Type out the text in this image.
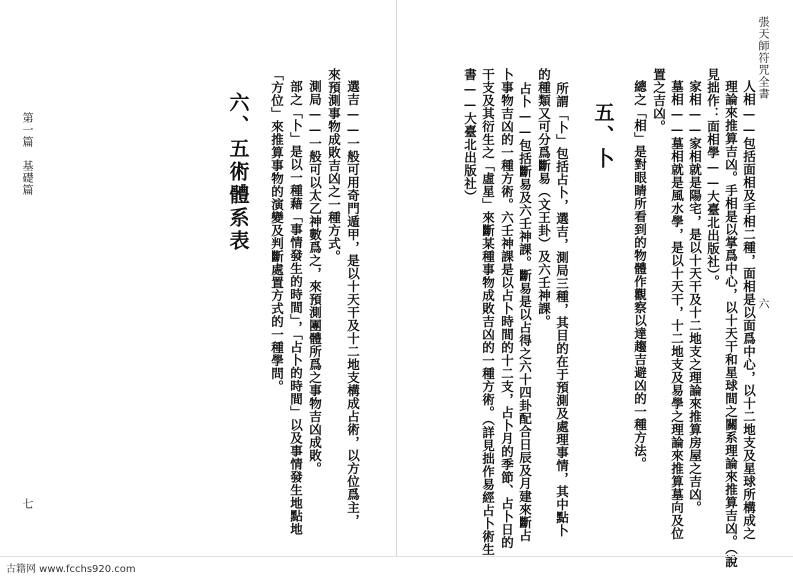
張天師符咒全書
六
人相——包括面相及手相二種，面相是以面爲中心，以十二地支及星球所構成之
理論來推算吉凶。手相是以掌爲中心，以十天干和星球間之關系理論來推算吉凶。（說
見拙作：面相學——大臺北出版社）。
家相——家相就是陽宅，是以十天干及十二地支之理論來推算房屋之吉凶。
墓相——墓相就是風水學，是以十天干，十二地支及易學之理論來推算墓向及位
置之吉凶。
總之「相」是對眼睛所看到的物體作觀察以達趨吉避凶的一種方法。
五、卜
所謂「卜」包括占卜，選吉，測局三種，其目的在于預測及處理事情，其中點卜
的種類又可分爲斷易（文王卦）及六壬神課。
占卜——包括斷易及六壬神課。斷易是以占得之六十四卦配合日辰及月建來斷占
卜事物吉凶的一種方術。六壬神課是以占卜時間的十二支，占卜月的季節、占卜日的
干支及其衍生之「虛星」來斷某種事物成敗吉凶的一種方術。（詳見拙作易經占卜術生
書——大臺北出版社）
選吉——一般可用奇門遁甲，是以十天干及十二地支構成占術，以方位爲主，
來預測事物成敗吉凶之一種方式。
測局——一般可以太乙神數爲之，來預測團體所爲之事物吉凶成敗。
部之「卜」是以一種藉「事情發生的時間」，「占卜的時間」以及事情發生地點地
「方位」來推算事物的演變及判斷處置方式的一種學問。
六、五術體系表
第一篇　基礎篇
七
古籍网 www.fcchs920.com
